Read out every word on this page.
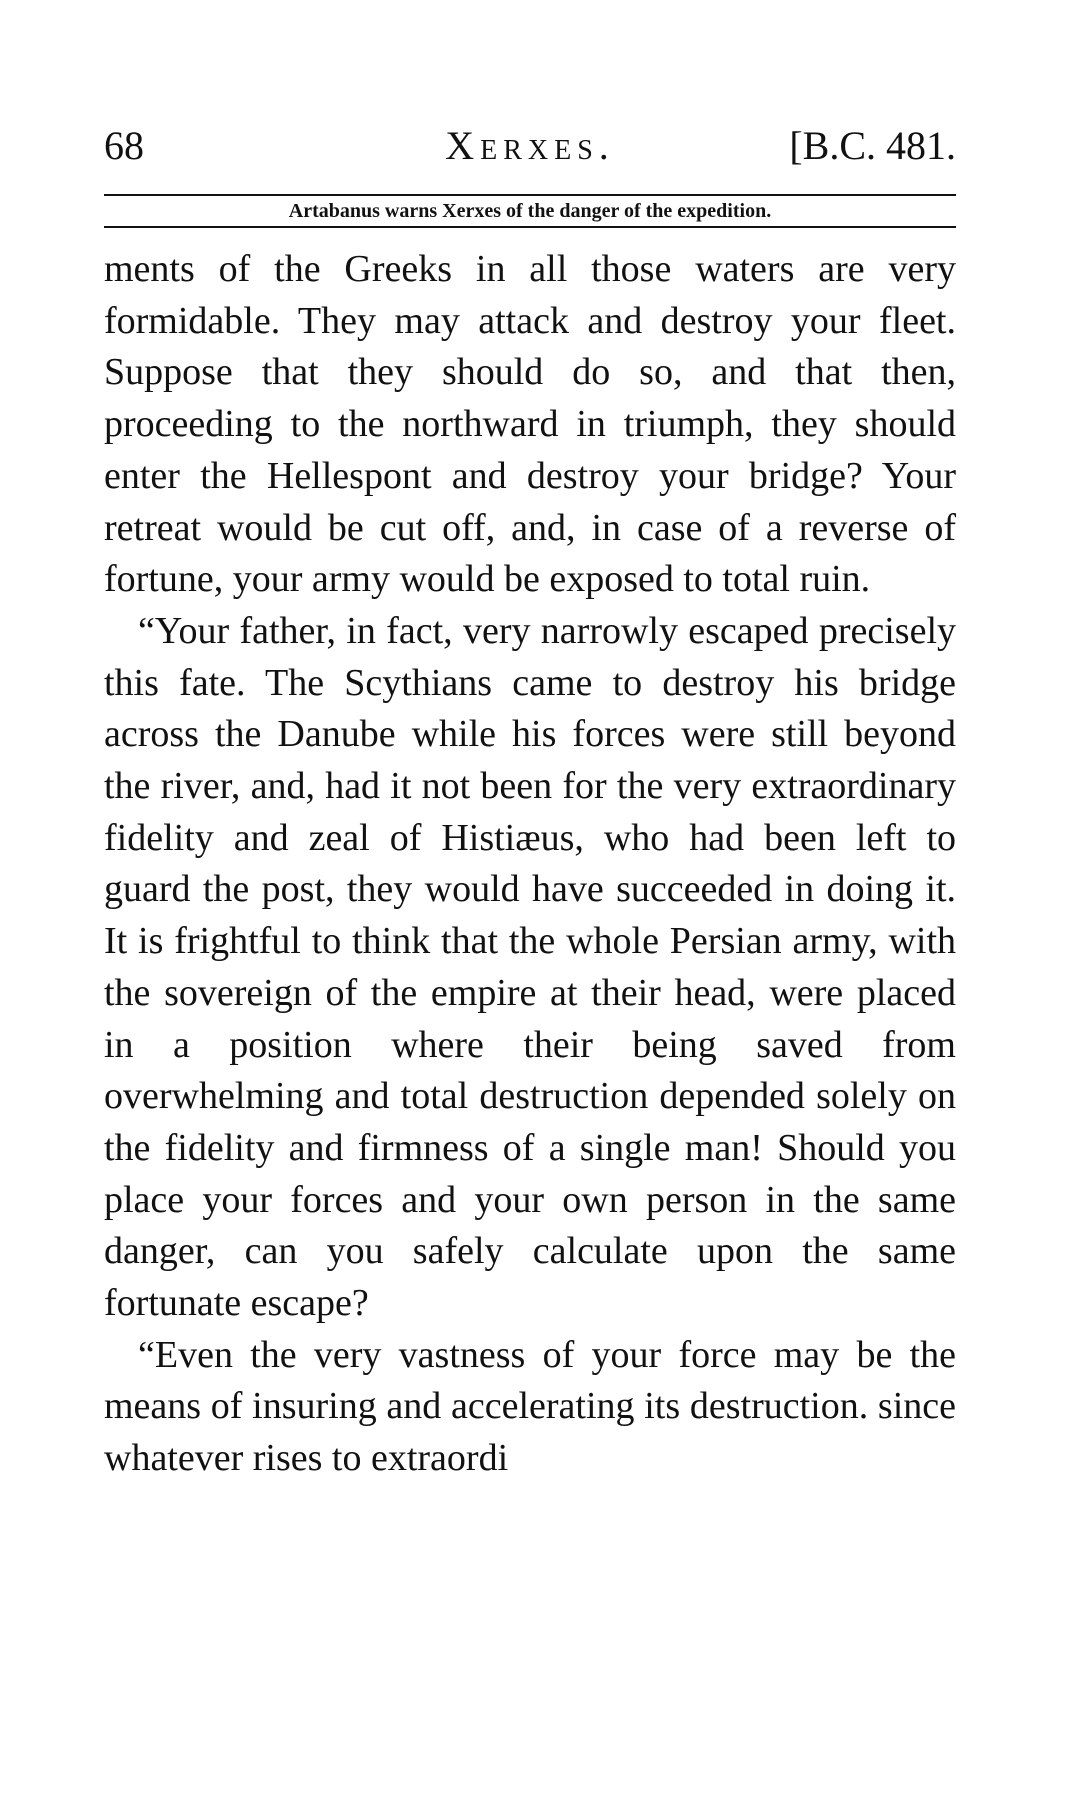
68	Xerxes.	[B.C. 481.
Artabanus warns Xerxes of the danger of the expedition.

ments of the Greeks in all those waters are very formidable. They may attack and destroy your fleet. Suppose that they should do so, and that then, proceeding to the northward in triumph, they should enter the Hellespont and destroy your bridge? Your retreat would be cut off, and, in case of a reverse of fortune, your army would be exposed to total ruin.

“Your father, in fact, very narrowly escaped precisely this fate. The Scythians came to destroy his bridge across the Danube while his forces were still beyond the river, and, had it not been for the very extraordinary fidelity and zeal of Histiæus, who had been left to guard the post, they would have succeeded in doing it. It is frightful to think that the whole Persian army, with the sovereign of the empire at their head, were placed in a position where their being saved from overwhelming and total destruction depended solely on the fidelity and firmness of a single man! Should you place your forces and your own person in the same danger, can you safely calculate upon the same fortunate escape?

“Even the very vastness of your force may be the means of insuring and accelerating its destruction. since whatever rises to extraordi
